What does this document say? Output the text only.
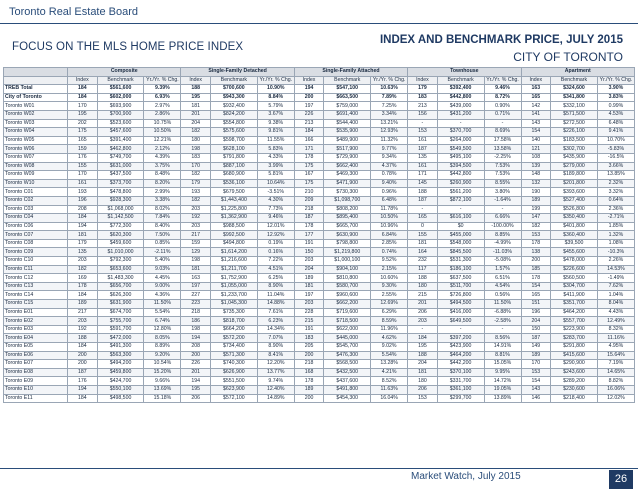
Toronto Real Estate Board
FOCUS ON THE MLS HOME PRICE INDEX
INDEX AND BENCHMARK PRICE, JULY 2015
CITY OF TORONTO
	Composite			Single-Family Detached			Single-Family Attached			Townhouse			Apartment		
	Index	Benchmark	Yr./Yr. % Chg.	Index	Benchmark	Yr./Yr. % Chg.	Index	Benchmark	Yr./Yr. % Chg.	Index	Benchmark	Yr./Yr. % Chg.	Index	Benchmark	Yr./Yr. % Chg.
TREB Total	184	$561,600	9.39%	188	$700,600	10.90%	194	$547,100	10.63%	179	$392,400	9.46%	163	$324,600	3.90%
City of Toronto	184	$602,000	6.93%	195	$943,300	8.84%	200	$663,500	7.89%	183	$442,800	8.72%	165	$341,800	3.83%
Toronto W01	170	$693,900	2.97%	181	$932,400	5.79%	197	$759,000	7.25%	213	$439,000	0.90%	142	$332,100	0.99%
Toronto W02	195	$700,900	2.86%	201	$824,200	3.67%	226	$691,400	3.34%	156	$431,200	0.71%	141	$571,500	4.53%
Toronto W03	202	$523,600	10.75%	204	$554,800	9.38%	213	$544,400	13.21%	-	-	-	143	$272,500	6.48%
Toronto W04	175	$457,600	10.50%	182	$575,600	9.81%	184	$535,900	12.93%	153	$370,700	8.69%	154	$226,100	9.41%
Toronto W05	165	$391,400	12.21%	180	$598,700	11.55%	166	$489,900	11.32%	161	$264,000	17.58%	140	$183,500	10.70%
Toronto W06	159	$462,800	2.12%	198	$628,100	5.83%	171	$517,900	9.77%	187	$549,500	13.58%	121	$302,700	-5.83%
Toronto W07	176	$749,700	4.39%	183	$791,800	4.33%	178	$729,900	9.34%	135	$495,100	-2.25%	108	$435,900	-16.5%
Toronto W08	155	$631,000	3.75%	170	$887,100	3.99%	175	$662,400	4.37%	161	$394,500	7.53%	139	$279,000	3.66%
Toronto W09	170	$437,500	8.48%	182	$680,900	5.81%	167	$469,300	0.78%	171	$442,800	7.53%	148	$189,800	13.85%
Toronto W10	161	$373,700	8.20%	179	$536,100	10.64%	175	$471,900	9.40%	145	$260,900	8.55%	132	$201,800	2.32%
Toronto C01	193	$478,800	2.99%	193	$679,500	-3.51%	210	$730,300	0.96%	188	$561,200	3.80%	190	$393,600	3.32%
Toronto C02	196	$928,300	3.38%	182	$1,443,400	4.30%	209	$1,098,700	6.48%	187	$872,100	-1.64%	189	$527,400	0.64%
Toronto C03	208	$1,068,000	8.02%	203	$1,225,800	7.73%	218	$808,200	11.78%	-	-	-	199	$526,800	2.36%
Toronto C04	184	$1,142,500	7.84%	192	$1,362,900	9.46%	187	$895,400	10.50%	165	$616,100	6.66%	147	$350,400	-2.71%
Toronto C06	194	$772,300	8.40%	203	$988,500	12.01%	178	$665,700	10.96%	0	$0	-100.00%	182	$401,800	1.85%
Toronto C07	181	$620,300	7.50%	217	$992,500	12.92%	177	$630,900	6.84%	155	$455,000	8.85%	153	$360,400	1.32%
Toronto C08	179	$459,600	0.85%	159	$494,800	0.19%	191	$798,800	2.85%	181	$548,000	-4.99%	178	$39,500	1.08%
Toronto C09	135	$1,010,000	-2.11%	129	$1,614,200	0.16%	150	$1,219,800	0.74%	164	$845,500	-11.03%	138	$455,600	-10.3%
Toronto C10	203	$792,300	5.40%	198	$1,216,600	7.22%	203	$1,000,100	9.52%	232	$531,300	-5.08%	200	$478,000	2.26%
Toronto C11	182	$653,600	9.03%	181	$1,211,700	4.51%	204	$904,100	2.15%	117	$186,100	1.57%	185	$226,600	14.53%
Toronto C12	169	$1,483,300	4.45%	163	$1,752,900	6.25%	189	$810,800	10.60%	188	$637,500	6.51%	178	$560,500	-1.49%
Toronto C13	178	$656,700	9.00%	197	$1,055,000	8.90%	181	$580,700	9.30%	180	$511,700	4.54%	154	$304,700	7.62%
Toronto C14	184	$626,300	4.36%	227	$1,233,700	11.04%	197	$960,600	2.55%	215	$726,800	0.56%	165	$411,900	1.04%
Toronto C15	189	$631,900	11.50%	223	$1,045,300	14.88%	203	$662,200	12.69%	201	$494,500	11.50%	151	$351,700	8.04%
Toronto E01	217	$674,700	5.54%	218	$735,300	7.61%	228	$719,600	6.29%	206	$416,000	-6.88%	196	$464,200	4.43%
Toronto E02	203	$755,700	6.74%	186	$818,700	6.23%	215	$718,500	8.59%	203	$649,500	-2.58%	204	$557,700	12.49%
Toronto E03	192	$591,700	12.80%	198	$664,200	14.34%	191	$622,000	11.96%	-	-	-	150	$223,900	8.32%
Toronto E04	188	$472,000	8.05%	194	$572,200	7.07%	183	$445,000	4.62%	184	$397,200	8.56%	187	$283,700	11.16%
Toronto E05	184	$491,300	8.89%	208	$734,400	8.90%	205	$545,700	9.02%	195	$423,900	14.91%	149	$291,800	4.95%
Toronto E06	200	$563,300	9.20%	200	$571,300	8.41%	200	$476,300	5.54%	188	$464,200	8.81%	189	$415,600	15.64%
Toronto E07	200	$494,200	10.54%	226	$740,300	12.20%	218	$568,500	13.28%	204	$442,200	15.05%	170	$290,900	7.19%
Toronto E08	187	$459,800	15.20%	201	$626,900	13.77%	168	$432,500	4.21%	181	$370,100	9.95%	153	$243,600	14.65%
Toronto E09	176	$424,700	9.66%	194	$551,500	9.74%	178	$437,600	8.52%	180	$331,700	14.72%	154	$289,200	8.82%
Toronto E10	194	$550,100	13.69%	195	$623,900	12.40%	189	$491,800	11.63%	206	$361,100	19.05%	143	$230,600	16.06%
Toronto E11	184	$498,500	15.18%	206	$572,100	14.89%	200	$454,300	16.04%	153	$299,700	13.89%	146	$218,400	12.02%
Market Watch, July 2015	26
